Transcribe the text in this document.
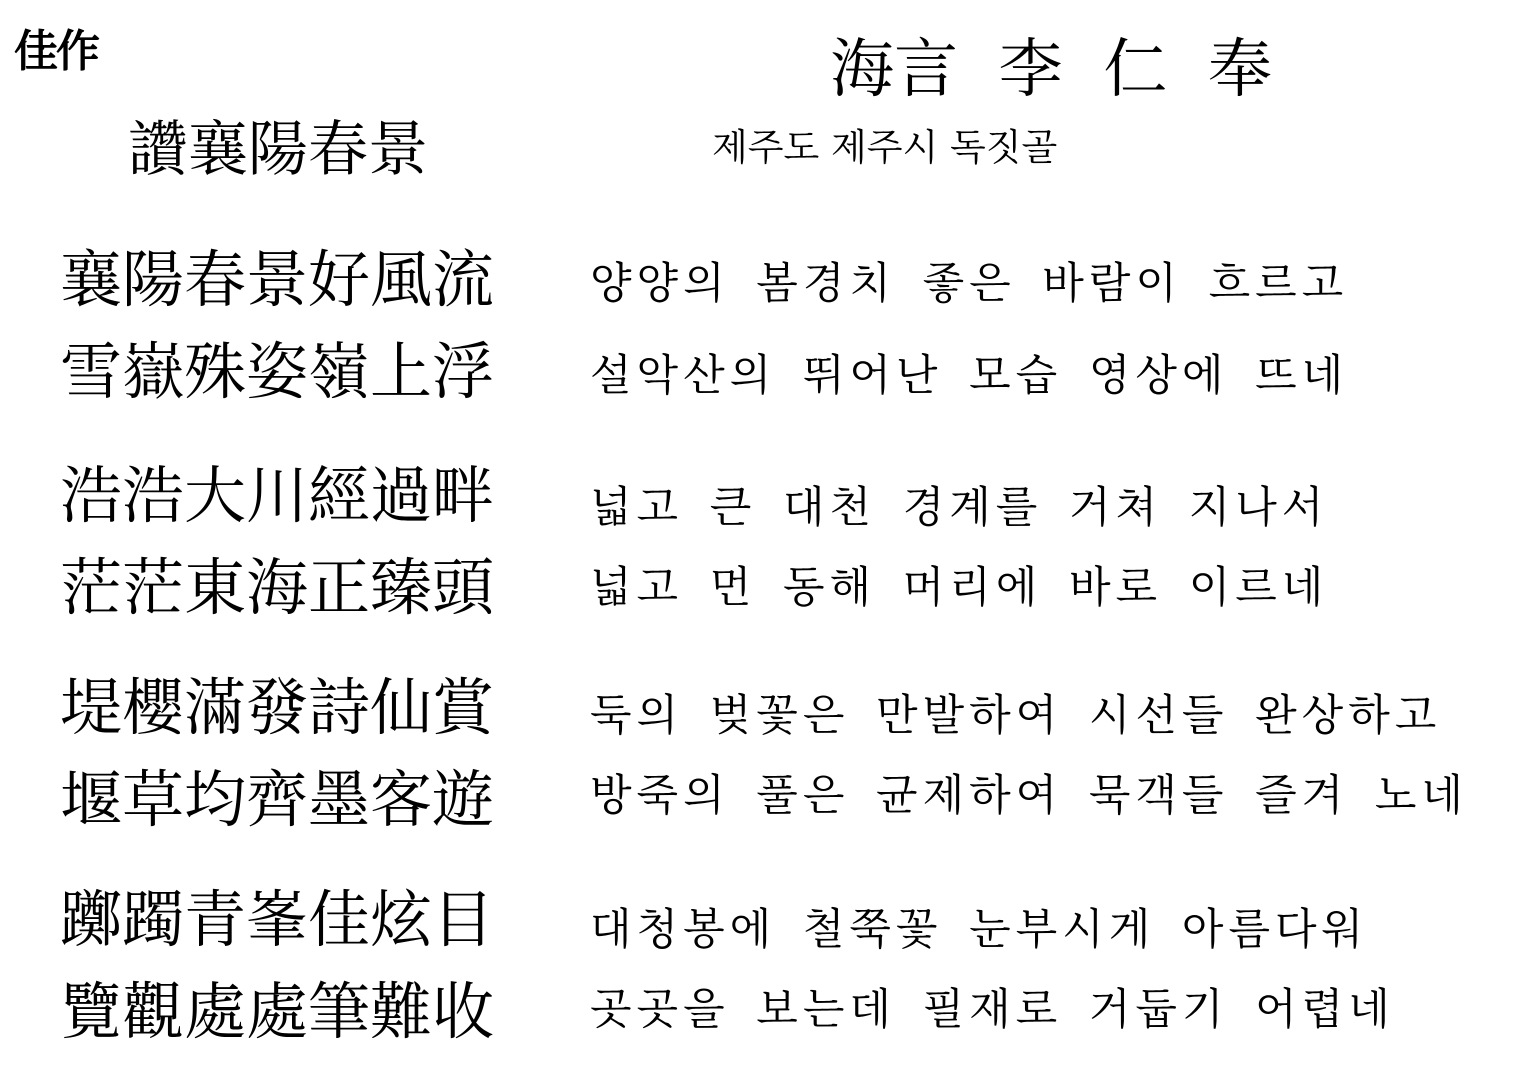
佳作	海言  李  仁  奉
讚襄陽春景	제주도 제주시 독짓골
襄陽春景好風流 양양의 봄경치 좋은 바람이 흐르고
雪嶽殊姿嶺上浮 설악산의 뛰어난 모습 영상에 뜨네
浩浩大川經過畔 넓고 큰 대천 경계를 거쳐 지나서
茫茫東海正臻頭 넓고 먼 동해 머리에 바로 이르네
堤櫻滿發詩仙賞 둑의 벚꽃은 만발하여 시선들 완상하고
堰草均齊墨客遊 방죽의 풀은 균제하여 묵객들 즐겨 노네
躑躅青峯佳炫目 대청봉에 철쭉꽃 눈부시게 아름다워
覽觀處處筆難收 곳곳을 보는데 필재로 거둡기 어렵네
